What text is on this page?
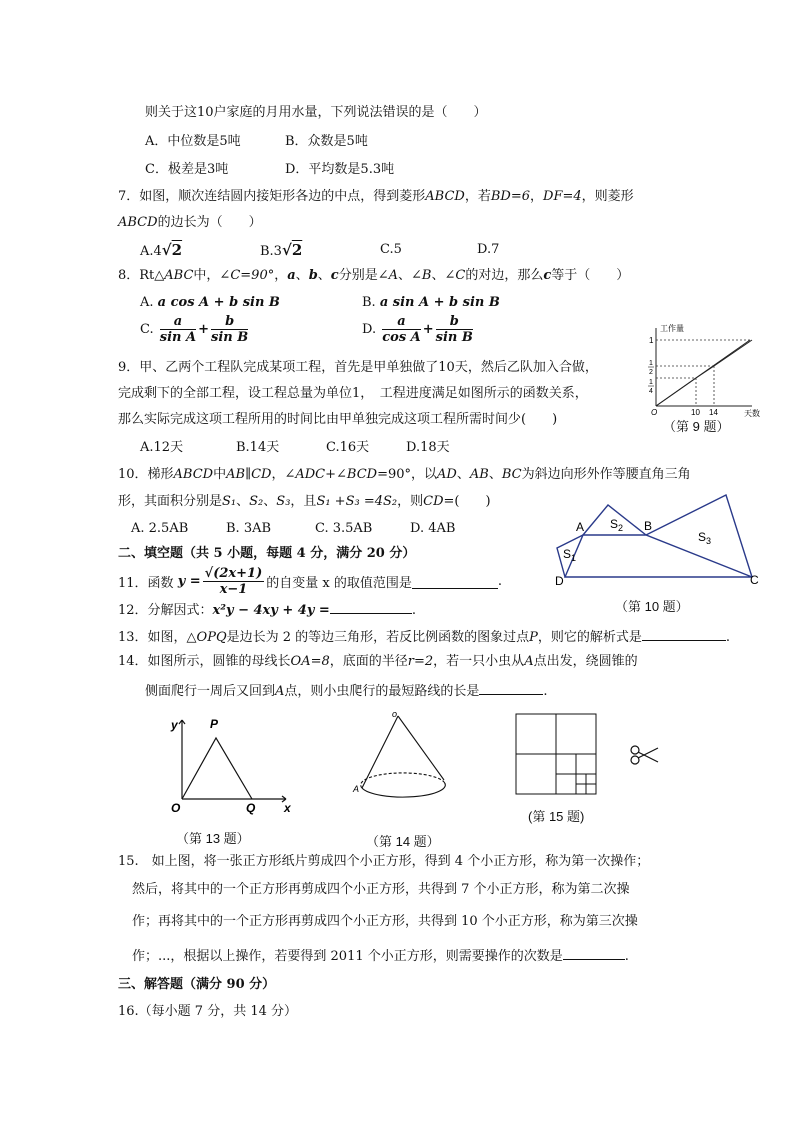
则关于这10户家庭的月用水量，下列说法错误的是（　　）
A．中位数是5吨	B．众数是5吨
C．极差是3吨	D．平均数是5.3吨
7．如图，顺次连结圆内接矩形各边的中点，得到菱形ABCD，若BD=6，DF=4，则菱形
ABCD的边长为（　　）
A.4√2	B.3√2	C.5	D.7
8．Rt△ABC中，∠C=90°，a、b、c分别是∠A、∠B、∠C的对边，那么c等于（　　）
A. a cos A + b sin B	B. a sin A + b sin B
C. $\frac{a}{\text{sin A}} + \frac{b}{\text{sin B}}$	D. $\frac{a}{\text{cos A}} + \frac{b}{\text{sin B}}$
9．甲、乙两个工程队完成某项工程，首先是甲单独做了10天，然后乙队加入合做，
完成剩下的全部工程，设工程总量为单位1，　工程进度满足如图所示的函数关系，
那么实际完成这项工程所用的时间比由甲单独完成这项工程所需时间少(　　)
A.12天	B.14天	C.16天	D.18天
工作量
天数
1
1
2
1
4
O	10 14
（第 9 题）
10．梯形ABCD中AB∥CD，∠ADC+∠BCD=90°，以AD、AB、BC为斜边向形外作等腰直角三角
形，其面积分别是S₁、S₂、S₃，且S₁ +S₃ =4S₂，则CD=(　　)
A. 2.5AB	B. 3AB	C. 3.5AB	D. 4AB	A	B
C
D
S 1
S 2
S 3
（第 10 题）
二、填空题（共 5 小题，每题 4 分，满分 20 分）
11．函数 $y = \frac{√(2x+1)}{x-1}$ 的自变量 x 的取值范围是	.
12．分解因式：x²y − 4xy + 4y =	.
13．如图，△OPQ是边长为 2 的等边三角形，若反比例函数的图象过点P，则它的解析式是	.
14．如图所示，圆锥的母线长OA=8，底面的半径r=2，若一只小虫从A点出发，绕圆锥的
侧面爬行一周后又回到A点，则小虫爬行的最短路线的长是	.
y	P
O	Q x
（第 13 题）
o
A
（第 14 题）
(第 15 题)
15.　如上图，将一张正方形纸片剪成四个小正方形，得到 4 个小正方形，称为第一次操作；
然后，将其中的一个正方形再剪成四个小正方形，共得到 7 个小正方形，称为第二次操
作；再将其中的一个正方形再剪成四个小正方形，共得到 10 个小正方形，称为第三次操
作；...，根据以上操作，若要得到 2011 个小正方形，则需要操作的次数是	.
三、解答题（满分 90 分）
16.（每小题 7 分，共 14 分）
